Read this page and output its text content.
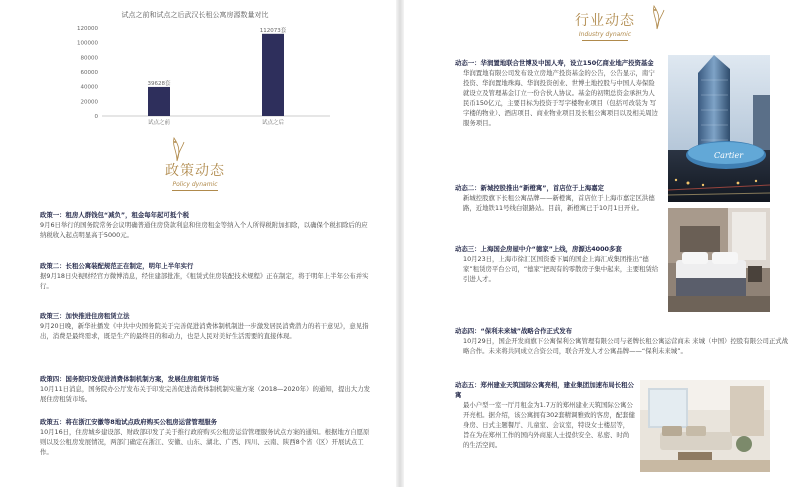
试点之前和试点之后武汉长租公寓房源数量对比
0
20000
40000
60000
80000
100000
120000
39628套
试点之前
112073套
试点之后
政策动态
Policy dynamic
政策一：租房人群钱包“减负”，租金每年起可抵个税
9月6日举行的国务院常务会议明确普通住房贷款利息和住房租金等纳入个人所得税附加扣除，以确保个税扣除后的应纳税收入起点明显高于5000元。
政策二：长租公寓装配规范正在制定，明年上半年实行
据9月18日央视财经官方微博消息，经住建部批准，《租赁式住房装配技术规程》正在制定，将于明年上半年公布并实行。
政策三：加快推进住房租赁立法
9月20日晚，新华社播发《中共中央国务院关于完善促进消费体制机制进一步激发居民消费潜力的若干意见》，意见指出，消费是最终需求，既是生产的最终目的和动力，也是人民对美好生活需要的直接体现。
政策四：国务院印发促进消费体制机制方案，发展住房租赁市场
10月11日消息，国务院办公厅发布关于印发完善促进消费体制机制实施方案（2018—2020年）的通知，提出大力发展住房租赁市场。
政策五：将在浙江安徽等8地试点政府购买公租房运营管理服务
10月16日，住房城乡建设部、财政部印发了关于推行政府购买公租房运营管理服务试点方案的通知。根据地方自愿原则以及公租房发展情况，两部门确定在浙江、安徽、山东、湖北、广西、四川、云南、陕西8个省（区）开展试点工作。
行业动态
Industry dynamic
动态一：华润置地联合世博及中国人寿，设立150亿商业地产投资基金
华润置地有限公司发布设立房地产投资基金的公告，公告显示，南宁投资、华润置地珠海、华润投资创业、世博土地控股与中国人寿保险就设立及管理基金订立一份合伙人协议。基金的初期总资金承担为人民币150亿元，主要目标为投资于写字楼物业项目（包括可改装为 写字楼的物业）、酒店项目、商业物业项目及长租公寓项目以及相关周边服务项目。
动态二：新城控股推出“新橙寓”，首店位于上海嘉定
新城控股旗下长租公寓品牌——新橙寓，首店位于上海市嘉定区洪德路，近地铁11号线白银路站。目前，新橙寓已于10月1日开业。
动态三：上海国企房屋中介“德家”上线，房源达4000多套
10月23日，上海市徐汇区国资委下属的国企上海汇成集团推出“德家”租赁房平台公司，“德家”把现有的零散房子集中起来，主要租赁给引进人才。
动态四：“保利未来城”战略合作正式发布
10月29日，国企开发商旗下公寓保利公寓管理有限公司与老牌长租公寓运营商未 来城（中国）控股有限公司正式战略合作。未来将共同成立合资公司，联合开发人才公寓品牌——“保利未来城”。
动态五：郑州建业天筑国际公寓亮相，建业集团加速布局长租公寓
最小户型一室一厅月租金为1.7万的郑州建业天筑国际公寓公开亮相。据介绍，该公寓拥有302套精调雅致的客房，配套健身房、日式主题餐厅、儿童室、会议室，特设女士楼层等，旨在为在郑州工作的国内外商旅人士提供安全、私密、时尚的生活空间。
Cartier
